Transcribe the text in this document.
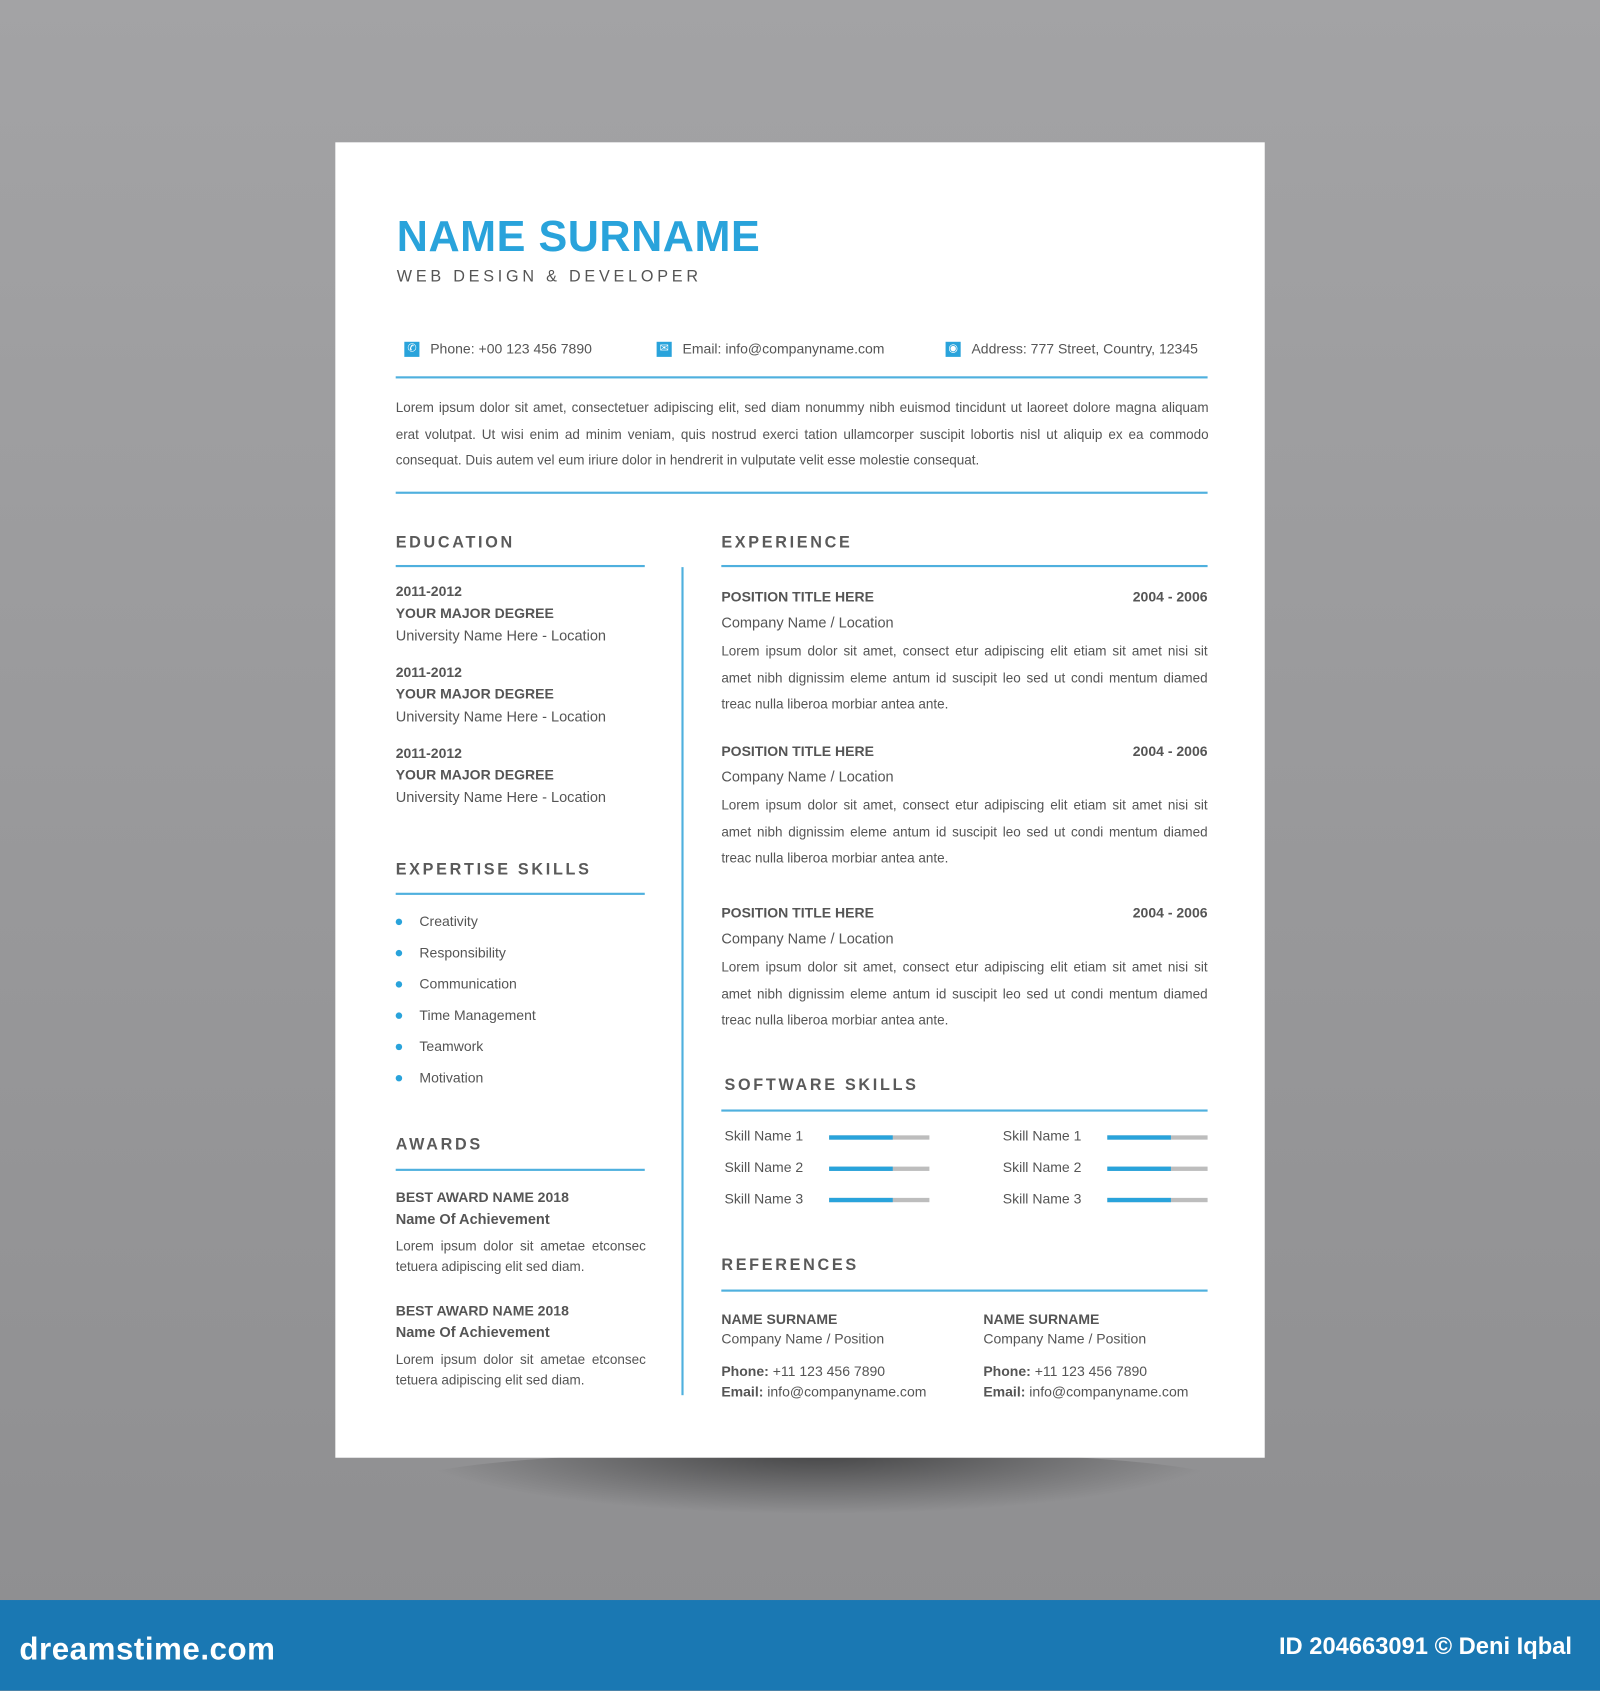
NAME SURNAME
WEB DESIGN & DEVELOPER
✆ Phone: +00 123 456 7890	✉ Email: info@companyname.com	◉ Address: 777 Street, Country, 12345
Lorem ipsum dolor sit amet, consectetuer adipiscing elit, sed diam nonummy nibh euismod tincidunt ut laoreet dolore magna aliquam erat volutpat. Ut wisi enim ad minim veniam, quis nostrud exerci tation ullamcorper suscipit lobortis nisl ut aliquip ex ea commodo consequat. Duis autem vel eum iriure dolor in hendrerit in vulputate velit esse molestie consequat.
EDUCATION
2011-2012
YOUR MAJOR DEGREE
University Name Here - Location
2011-2012
YOUR MAJOR DEGREE
University Name Here - Location
2011-2012
YOUR MAJOR DEGREE
University Name Here - Location
EXPERTISE SKILLS
Creativity
Responsibility
Communication
Time Management
Teamwork
Motivation
AWARDS
BEST AWARD NAME 2018
Name Of Achievement
Lorem ipsum dolor sit ametae etconsec tetuera adipiscing elit sed diam.
BEST AWARD NAME 2018
Name Of Achievement
Lorem ipsum dolor sit ametae etconsec tetuera adipiscing elit sed diam.
EXPERIENCE
POSITION TITLE HERE	2004 - 2006
Company Name / Location
Lorem ipsum dolor sit amet, consect etur adipiscing elit etiam sit amet nisi sit amet nibh dignissim eleme antum id suscipit leo sed ut condi mentum diamed treac nulla liberoa morbiar antea ante.
POSITION TITLE HERE	2004 - 2006
Company Name / Location
Lorem ipsum dolor sit amet, consect etur adipiscing elit etiam sit amet nisi sit amet nibh dignissim eleme antum id suscipit leo sed ut condi mentum diamed treac nulla liberoa morbiar antea ante.
POSITION TITLE HERE	2004 - 2006
Company Name / Location
Lorem ipsum dolor sit amet, consect etur adipiscing elit etiam sit amet nisi sit amet nibh dignissim eleme antum id suscipit leo sed ut condi mentum diamed treac nulla liberoa morbiar antea ante.
SOFTWARE SKILLS
Skill Name 1
Skill Name 2
Skill Name 3
Skill Name 1
Skill Name 2
Skill Name 3
REFERENCES
NAME SURNAME
Company Name / Position
Phone: +11 123 456 7890
Email: info@companyname.com
NAME SURNAME
Company Name / Position
Phone: +11 123 456 7890
Email: info@companyname.com
dreamstime.com	ID 204663091 © Deni Iqbal
